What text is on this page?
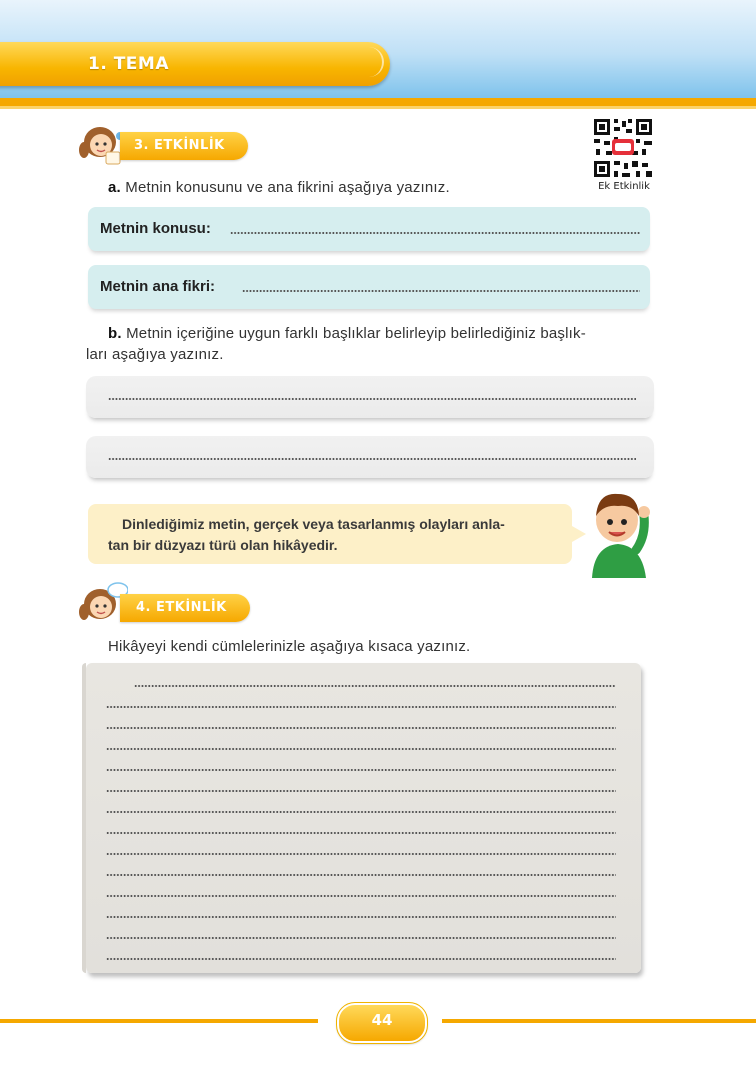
1. TEMA
3. ETKİNLİK
Ek Etkinlik
a. Metnin konusunu ve ana fikrini aşağıya yazınız.
Metnin konusu:
Metnin ana fikri:
b. Metnin içeriğine uygun farklı başlıklar belirleyip belirlediğiniz başlık-
ları aşağıya yazınız.
Dinlediğimiz metin, gerçek veya tasarlanmış olayları anla-
tan bir düzyazı türü olan hikâyedir.
4. ETKİNLİK
Hikâyeyi kendi cümlelerinizle aşağıya kısaca yazınız.
44
